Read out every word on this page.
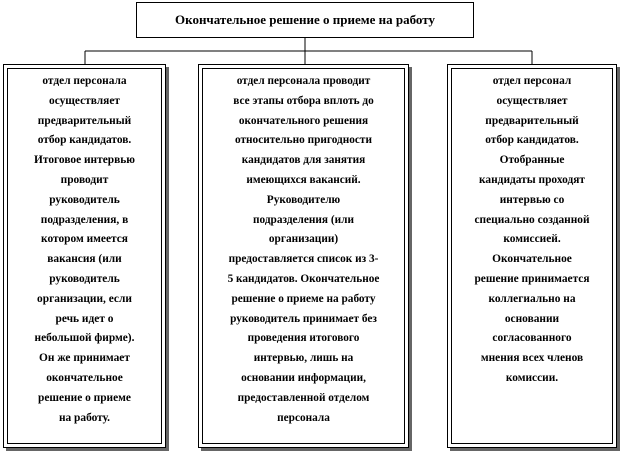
Окончательное решение о приеме на работу

отдел персонала
осуществляет
предварительный
отбор кандидатов.
Итоговое интервью
проводит
руководитель
подразделения, в
котором имеется
вакансия (или
руководитель
организации, если
речь идет о
небольшой фирме).
Он же принимает
окончательное
решение о приеме
на работу.

отдел персонала проводит
все этапы отбора вплоть до
окончательного решения
относительно пригодности
кандидатов для занятия
имеющихся вакансий.
Руководителю
подразделения (или
организации)
предоставляется список из 3-
5 кандидатов. Окончательное
решение о приеме на работу
руководитель принимает без
проведения итогового
интервью, лишь на
основании информации,
предоставленной отделом
персонала

отдел персонал
осуществляет
предварительный
отбор кандидатов.
Отобранные
кандидаты проходят
интервью со
специально созданной
комиссией.
Окончательное
решение принимается
коллегиально на
основании
согласованного
мнения всех членов
комиссии.
